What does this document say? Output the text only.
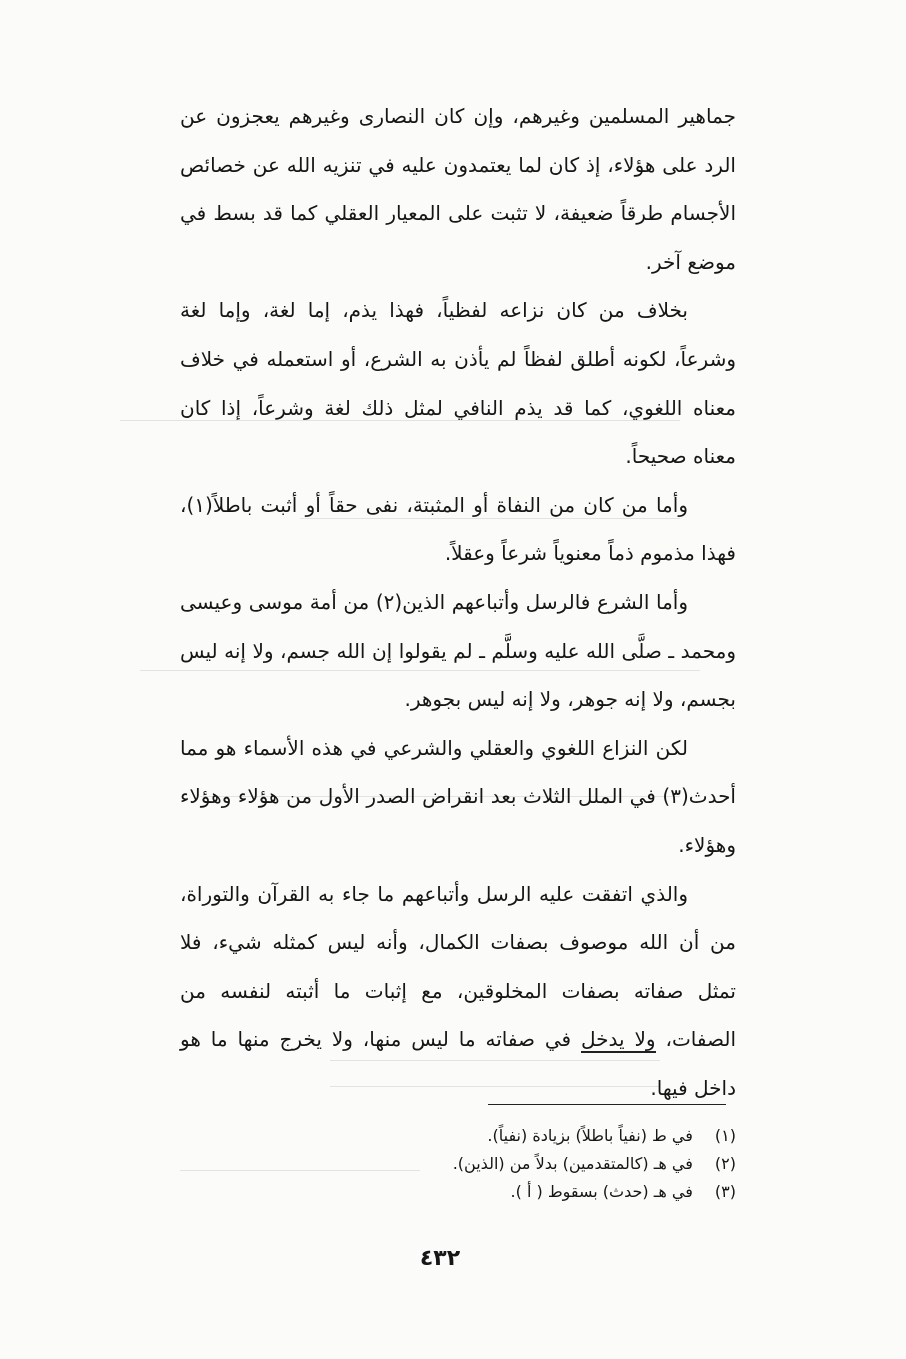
جماهير المسلمين وغيرهم، وإن كان النصارى وغيرهم يعجزون عن الرد على هؤلاء، إذ كان لما يعتمدون عليه في تنزيه الله عن خصائص الأجسام طرقاً ضعيفة، لا تثبت على المعيار العقلي كما قد بسط في موضع آخر.

بخلاف من كان نزاعه لفظياً، فهذا يذم، إما لغة، وإما لغة وشرعاً، لكونه أطلق لفظاً لم يأذن به الشرع، أو استعمله في خلاف معناه اللغوي، كما قد يذم النافي لمثل ذلك لغة وشرعاً، إذا كان معناه صحيحاً.

وأما من كان من النفاة أو المثبتة، نفى حقاً أو أثبت باطلاً(١)، فهذا مذموم ذماً معنوياً شرعاً وعقلاً.

وأما الشرع فالرسل وأتباعهم الذين(٢) من أمة موسى وعيسى ومحمد ـ صلَّى الله عليه وسلَّم ـ لم يقولوا إن الله جسم، ولا إنه ليس بجسم، ولا إنه جوهر، ولا إنه ليس بجوهر.

لكن النزاع اللغوي والعقلي والشرعي في هذه الأسماء هو مما أحدث(٣) في الملل الثلاث بعد انقراض الصدر الأول من هؤلاء وهؤلاء وهؤلاء.

والذي اتفقت عليه الرسل وأتباعهم ما جاء به القرآن والتوراة، من أن الله موصوف بصفات الكمال، وأنه ليس كمثله شيء، فلا تمثل صفاته بصفات المخلوقين، مع إثبات ما أثبته لنفسه من الصفات، ولا يدخل في صفاته ما ليس منها، ولا يخرج منها ما هو داخل فيها.

(١) في ط (نفياً باطلاً) بزيادة (نفياً).

(٢) في هـ (كالمتقدمين) بدلاً من (الذين).

(٣) في هـ (حدث) بسقوط ( أ ).

٤٣٢
